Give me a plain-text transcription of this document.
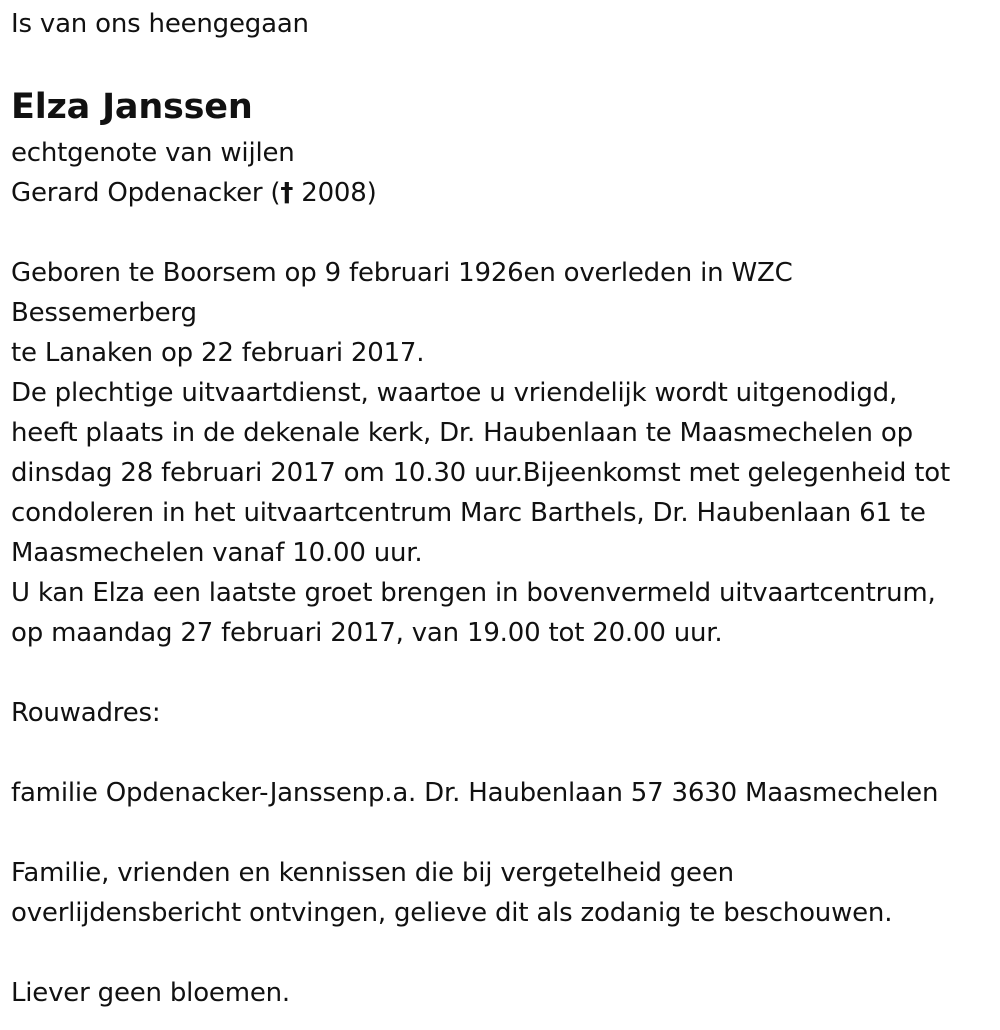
Is van ons heengegaan
Elza Janssen
echtgenote van wijlen
Gerard Opdenacker († 2008)
Geboren te Boorsem op 9 februari 1926en overleden in WZC
Bessemerberg
te Lanaken op 22 februari 2017.
De plechtige uitvaartdienst, waartoe u vriendelijk wordt uitgenodigd,
heeft plaats in de dekenale kerk, Dr. Haubenlaan te Maasmechelen op
dinsdag 28 februari 2017 om 10.30 uur.Bijeenkomst met gelegenheid tot
condoleren in het uitvaartcentrum Marc Barthels, Dr. Haubenlaan 61 te
Maasmechelen vanaf 10.00 uur.
U kan Elza een laatste groet brengen in bovenvermeld uitvaartcentrum,
op maandag 27 februari 2017, van 19.00 tot 20.00 uur.
Rouwadres:
familie Opdenacker-Janssenp.a. Dr. Haubenlaan 57 3630 Maasmechelen
Familie, vrienden en kennissen die bij vergetelheid geen
overlijdensbericht ontvingen, gelieve dit als zodanig te beschouwen.
Liever geen bloemen.
